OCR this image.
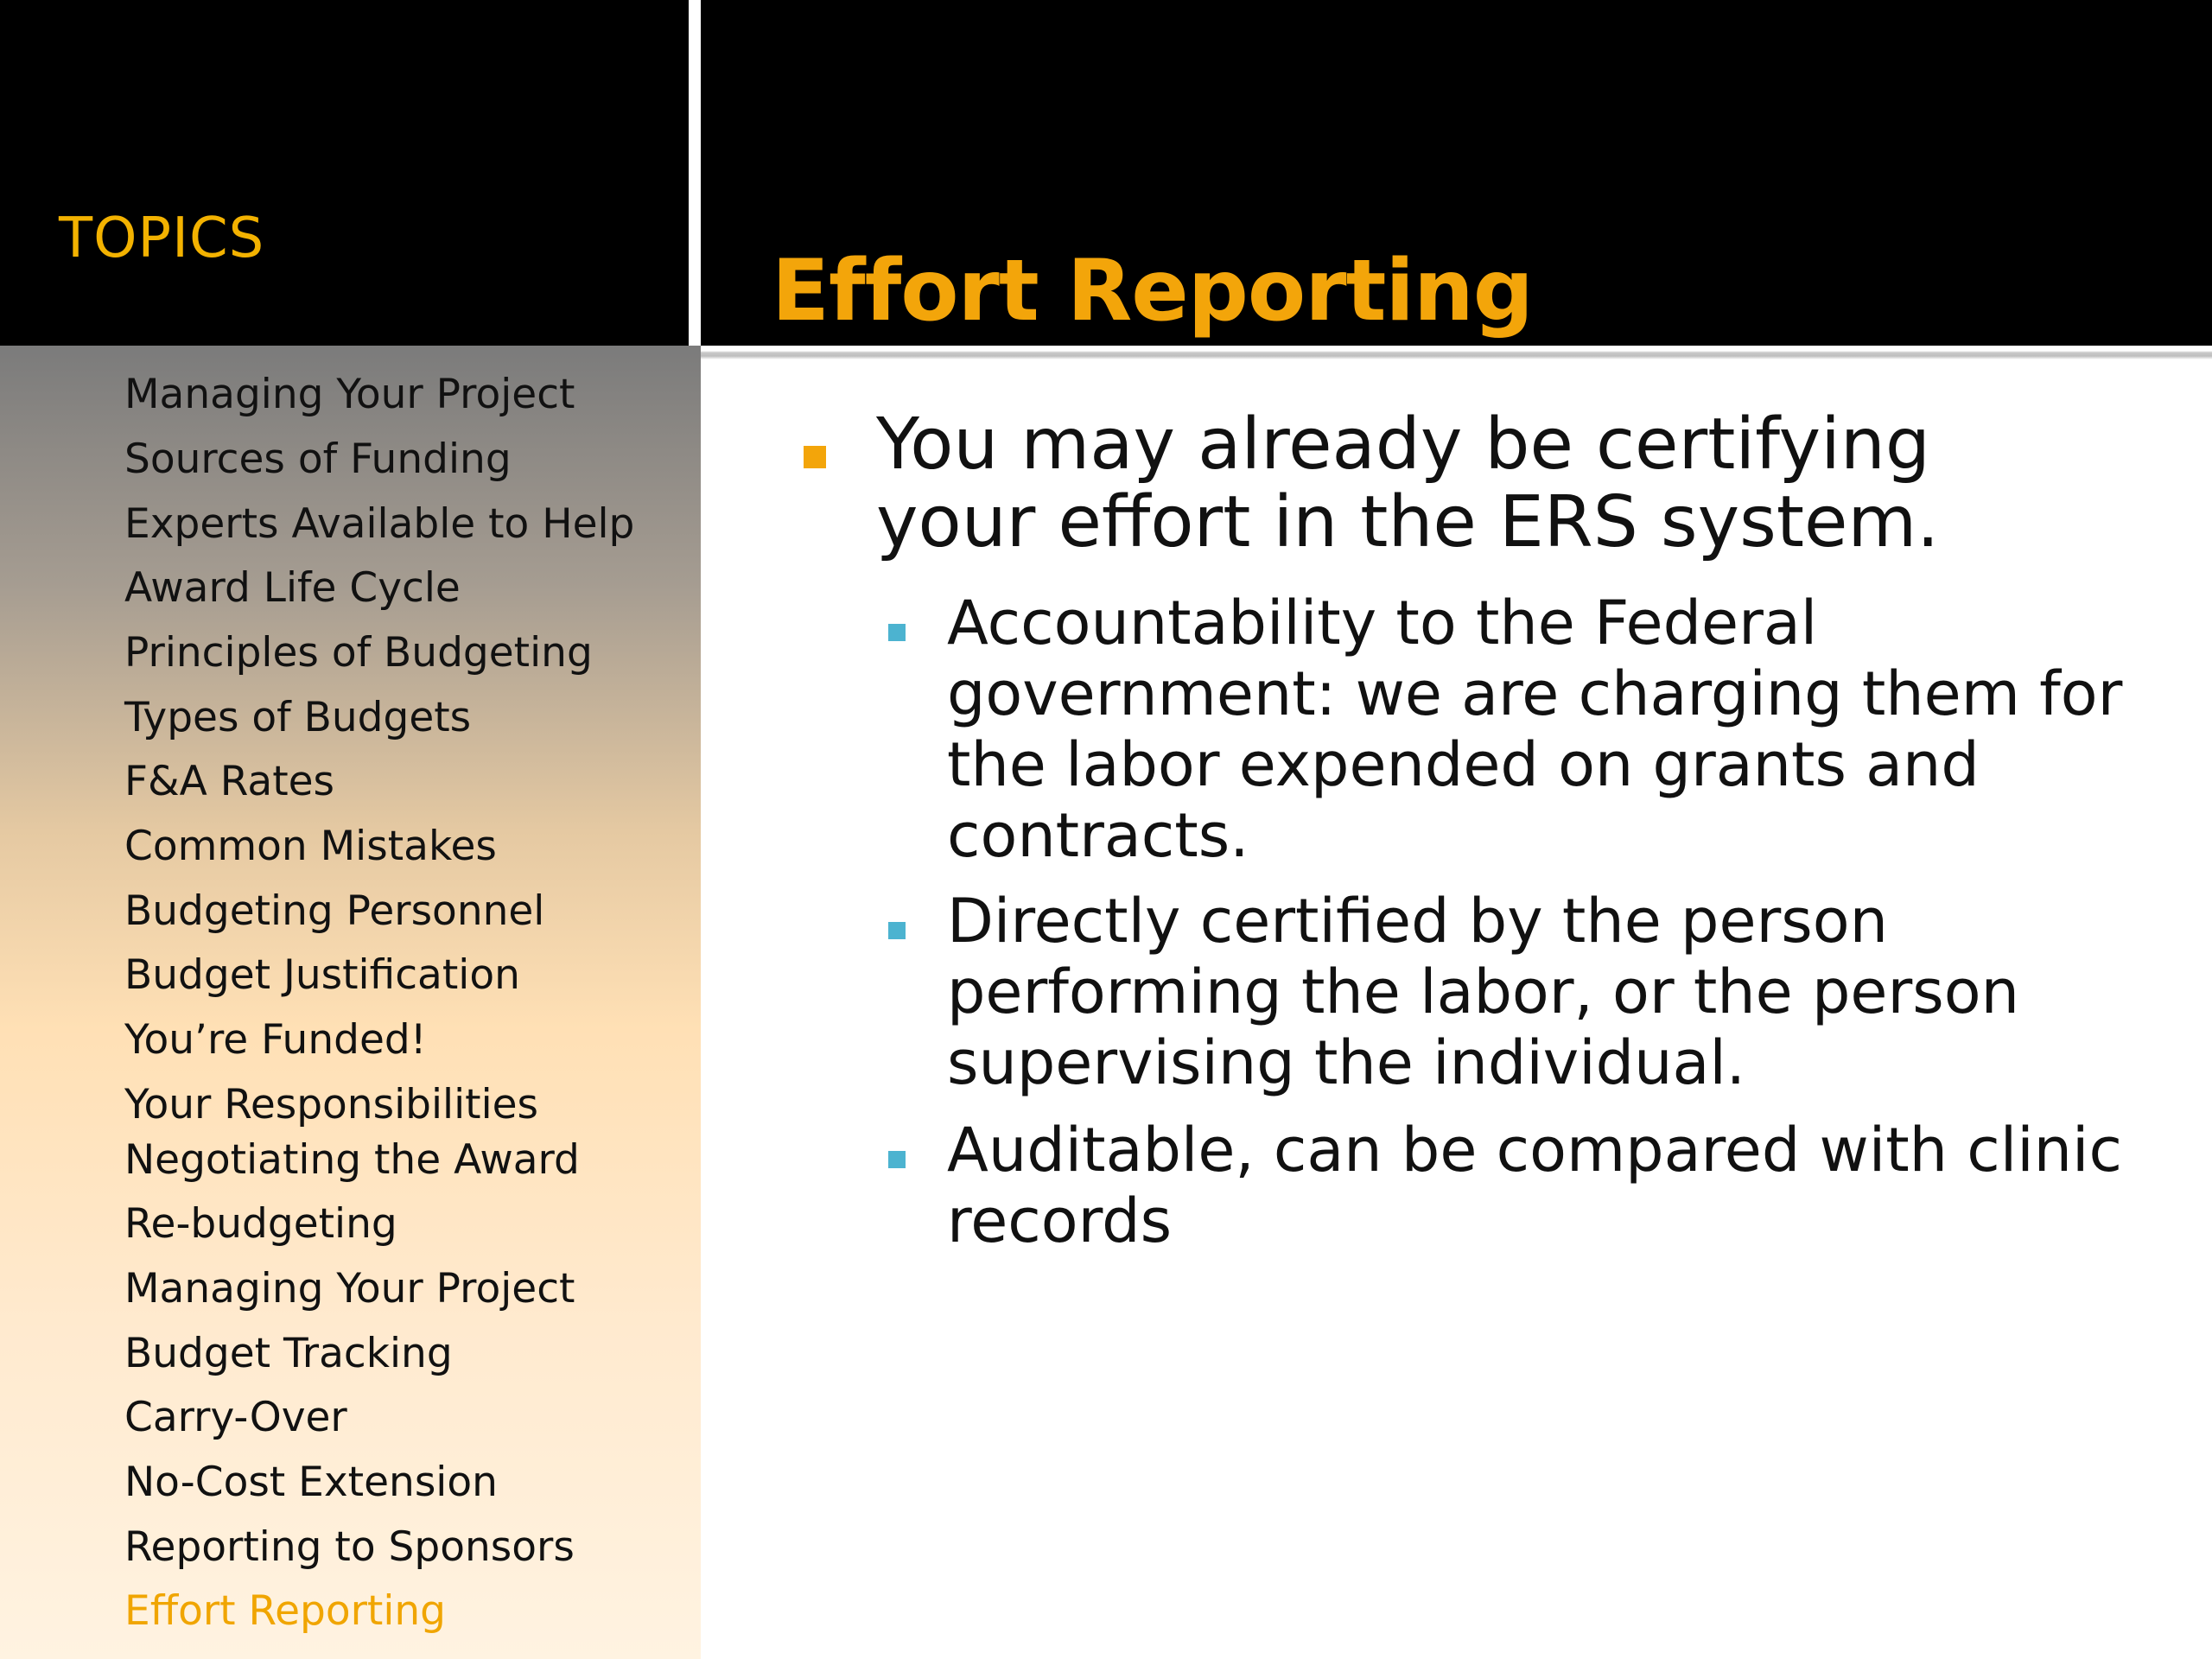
TOPICS
Effort Reporting
Managing Your Project
Sources of Funding
Experts Available to Help
Award Life Cycle
Principles of Budgeting
Types of Budgets
F&A Rates
Common Mistakes
Budgeting Personnel
Budget Justification
You’re Funded!
Your Responsibilities
Negotiating the Award
Re-budgeting
Managing Your Project
Budget Tracking
Carry-Over
No-Cost Extension
Reporting to Sponsors
Effort Reporting
You may already be certifying your effort in the ERS system.
Accountability to the Federal government: we are charging them for the labor expended on grants and contracts.
Directly certified by the person performing the labor, or the person supervising the individual.
Auditable, can be compared with clinic records
